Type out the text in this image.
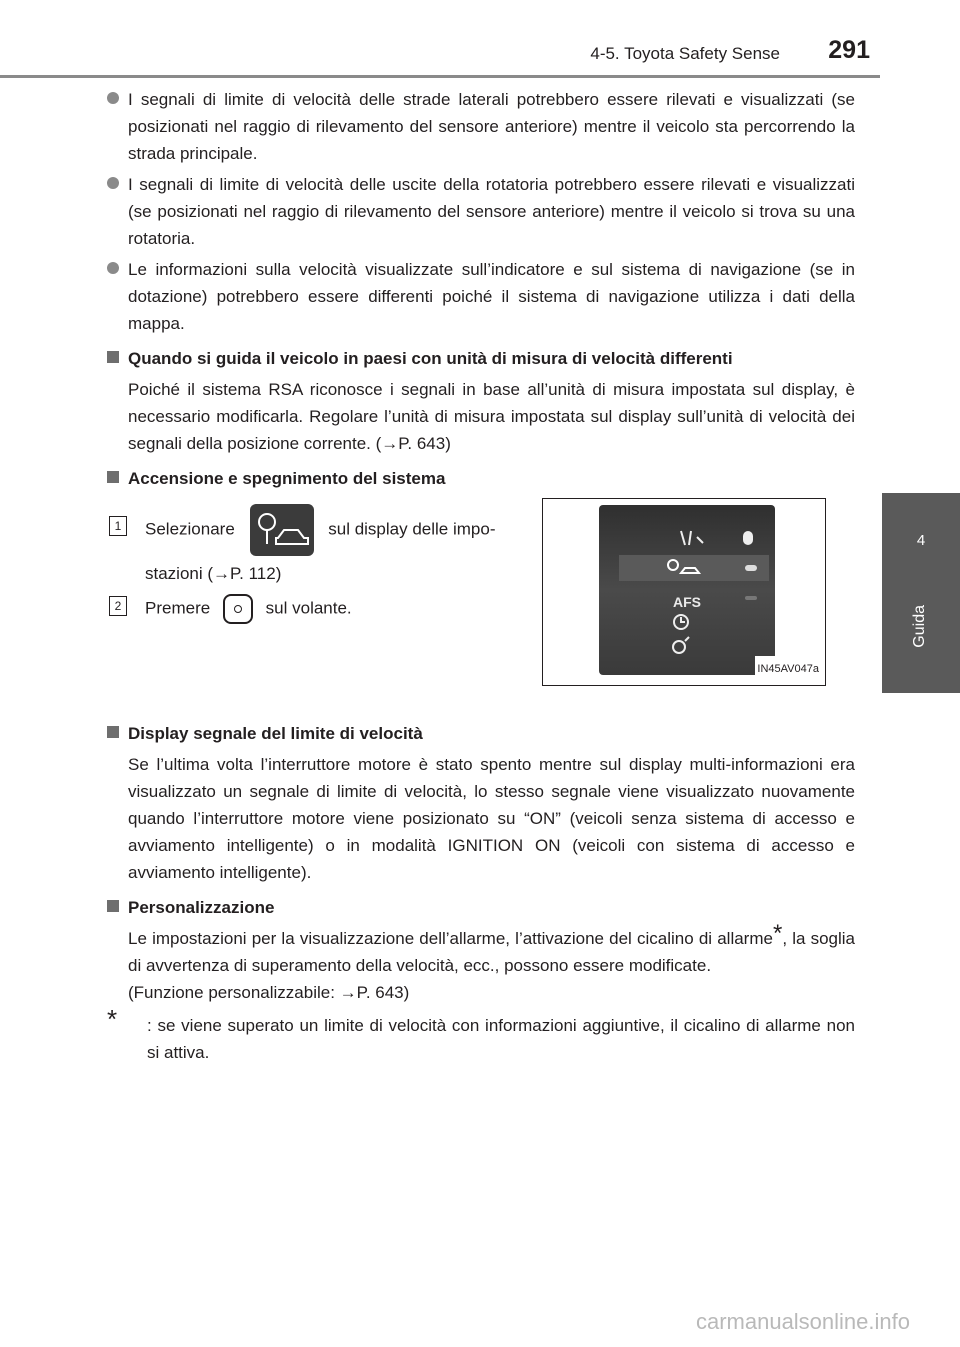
4-5. Toyota Safety Sense 291
4
Guida
I segnali di limite di velocità delle strade laterali potrebbero essere rilevati e visualizzati (se posizionati nel raggio di rilevamento del sensore anteriore) mentre il veicolo sta percorrendo la strada principale.
I segnali di limite di velocità delle uscite della rotatoria potrebbero essere rilevati e visualizzati (se posizionati nel raggio di rilevamento del sensore anteriore) mentre il veicolo si trova su una rotatoria.
Le informazioni sulla velocità visualizzate sull’indicatore e sul sistema di navigazione (se in dotazione) potrebbero essere differenti poiché il sistema di navigazione utilizza i dati della mappa.
Quando si guida il veicolo in paesi con unità di misura di velocità differenti
Poiché il sistema RSA riconosce i segnali in base all’unità di misura impostata sul display, è necessario modificarla. Regolare l’unità di misura impostata sul display sull’unità di velocità dei segnali della posizione corrente. (→P. 643)
Accensione e spegnimento del sistema
1	Selezionare	sul display delle impo-
stazioni (→P. 112)
2	Premere	sul volante.	AFS
IN45AV047a
Display segnale del limite di velocità
Se l’ultima volta l’interruttore motore è stato spento mentre sul display multi-informazioni era visualizzato un segnale di limite di velocità, lo stesso segnale viene visualizzato nuovamente quando l’interruttore motore viene posizionato su “ON” (veicoli senza sistema di accesso e avviamento intelligente) o in modalità IGNITION ON (veicoli con sistema di accesso e avviamento intelligente).
Personalizzazione
Le impostazioni per la visualizzazione dell’allarme, l’attivazione del cicalino di allarme*, la soglia di avvertenza di superamento della velocità, ecc., possono essere modificate.
(Funzione personalizzabile: →P. 643)
* : se viene superato un limite di velocità con informazioni aggiuntive, il cicalino di allarme non si attiva.
carmanualsonline.info
